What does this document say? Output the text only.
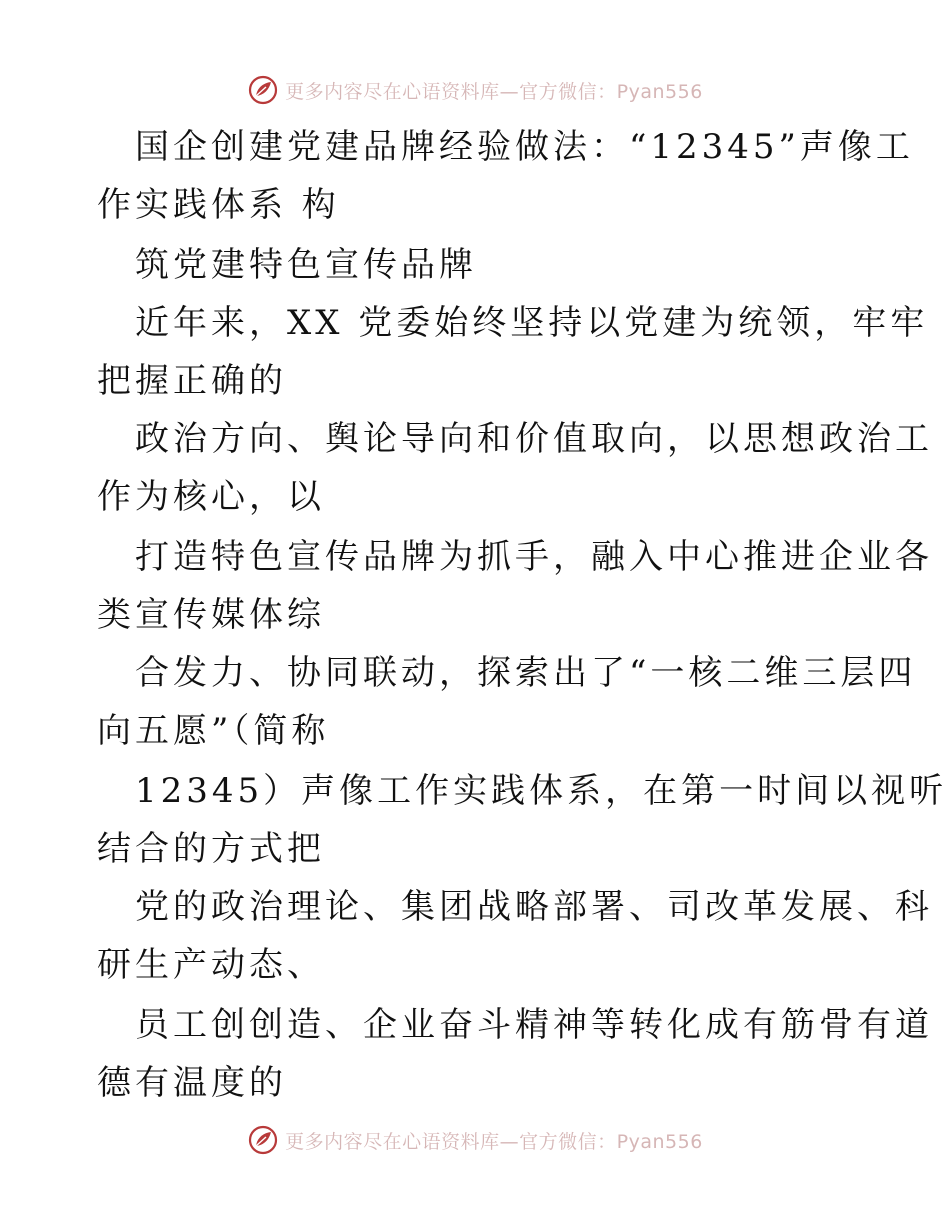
更多内容尽在心语资料库—官方微信：Pyan556
国企创建党建品牌经验做法：“12345”声像工
作实践体系 构
筑党建特色宣传品牌
近年来，XX 党委始终坚持以党建为统领，牢牢
把握正确的
政治方向、舆论导向和价值取向，以思想政治工
作为核心，以
打造特色宣传品牌为抓手，融入中心推进企业各
类宣传媒体综
合发力、协同联动，探索出了“一核二维三层四
向五愿”（简称
12345）声像工作实践体系，在第一时间以视听
结合的方式把
党的政治理论、集团战略部署、司改革发展、科
研生产动态、
员工创创造、企业奋斗精神等转化成有筋骨有道
德有温度的
更多内容尽在心语资料库—官方微信：Pyan556
